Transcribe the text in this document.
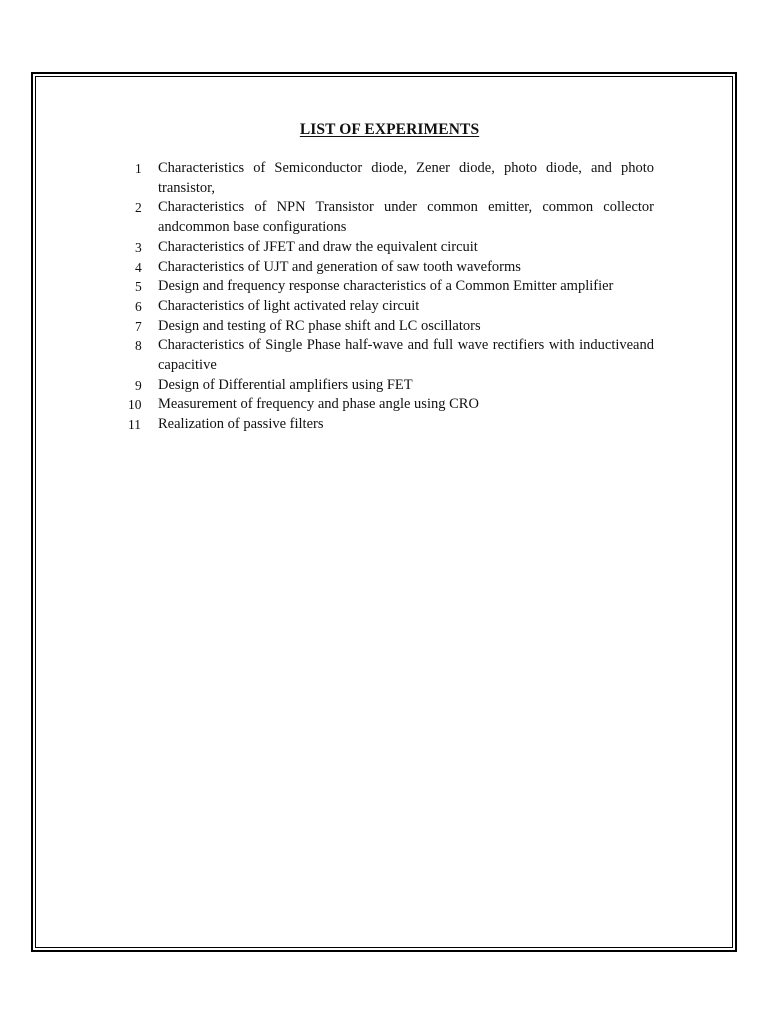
LIST OF EXPERIMENTS
1	Characteristics of Semiconductor diode, Zener diode, photo diode, and photo transistor,
2	Characteristics of NPN Transistor under common emitter, common collector andcommon base configurations
3	Characteristics of JFET and draw the equivalent circuit
4	Characteristics of UJT and generation of saw tooth waveforms
5	Design and frequency response characteristics of a Common Emitter amplifier
6	Characteristics of light activated relay circuit
7	Design and testing of RC phase shift and LC oscillators
8	Characteristics of Single Phase half-wave and full wave rectifiers with inductiveand capacitive
9	Design of Differential amplifiers using FET
10	Measurement of frequency and phase angle using CRO
11	Realization of passive filters
